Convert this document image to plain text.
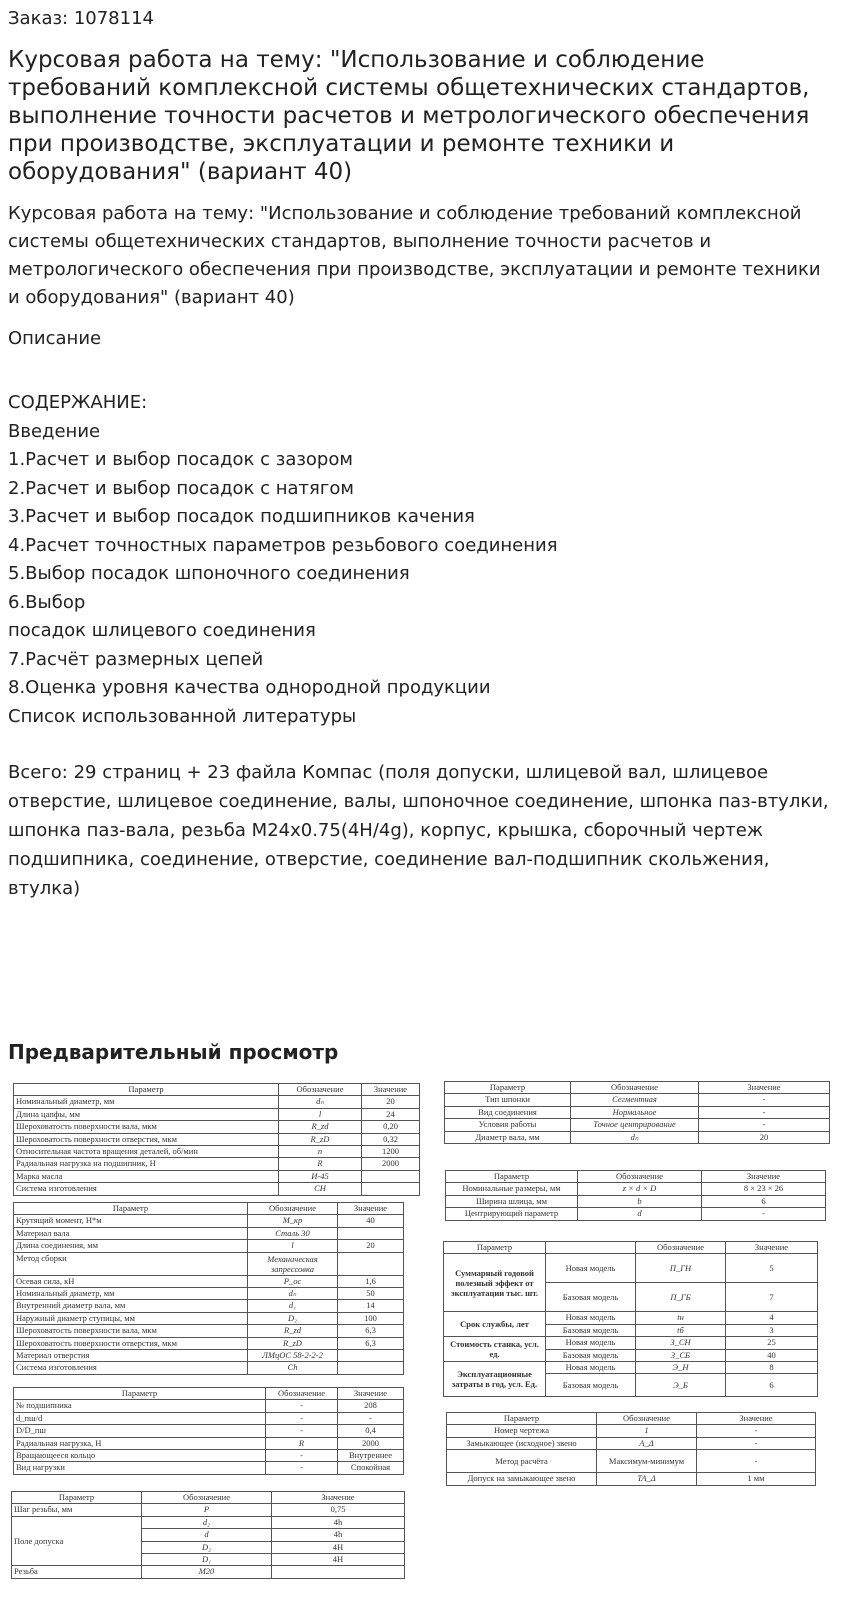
Заказ: 1078114
Курсовая работа на тему: "Использование и соблюдение требований комплексной системы общетехнических стандартов, выполнение точности расчетов и метрологического обеспечения при производстве, эксплуатации и ремонте техники и оборудования" (вариант 40)
Курсовая работа на тему: "Использование и соблюдение требований комплексной системы общетехнических стандартов, выполнение точности расчетов и метрологического обеспечения при производстве, эксплуатации и ремонте техники и оборудования" (вариант 40)
Описание
СОДЕРЖАНИЕ:
Введение
1.Расчет и выбор посадок с зазором
2.Расчет и выбор посадок с натягом
3.Расчет и выбор посадок подшипников качения
4.Расчет точностных параметров резьбового соединения
5.Выбор посадок шпоночного соединения
6.Выбор
посадок шлицевого соединения
7.Расчёт размерных цепей
8.Оценка уровня качества однородной продукции
Список использованной литературы
Всего: 29 страниц + 23 файла Компас (поля допуски, шлицевой вал, шлицевое отверстие, шлицевое соединение, валы, шпоночное соединение, шпонка паз-втулки, шпонка паз-вала, резьба М24х0.75(4H/4g), корпус, крышка, сборочный чертеж подшипника, соединение, отверстие, соединение вал-подшипник скольжения, втулка)
Предварительный просмотр
Параметр	Обозначение	Значение
Номинальный диаметр, мм	dₙ	20
Длина цапфы, мм	l	24
Шероховатость поверхности вала, мкм	R_zd	0,20
Шероховатость поверхности отверстия, мкм	R_zD	0,32
Относительная частота вращения деталей, об/мин	n	1200
Радиальная нагрузка на подшипник, Н	R	2000
Марка масла	И-45	
Система изготовления	СН	
Параметр	Обозначение	Значение
Крутящий момент, Н*м	M_кр	40
Материал вала	Сталь 30	
Длина соединения, мм	l	20
Метод сборки	Механическая запрессовка	
Осевая сила, кН	P_ос	1,6
Номинальный диаметр, мм	dₙ	50
Внутренний диаметр вала, мм	d₁	14
Наружный диаметр ступицы, мм	D₂	100
Шероховатость поверхности вала, мкм	R_zd	6,3
Шероховатость поверхности отверстия, мкм	R_zD	6,3
Материал отверстия	ЛМцОС 58-2-2-2	
Система изготовления	Ch	
Параметр	Обозначение	Значение
№ подшипника	-	208
d_пш/d	-	-
D/D_пш	-	0,4
Радиальная нагрузка, Н	R	2000
Вращающееся кольцо	-	Внутреннее
Вид нагрузки	-	Спокойная
Параметр	Обозначение	Значение
Шаг резьбы, мм	P	0,75
Поле допуска	d₂	4h
	d	4h
	D₂	4H
	D₁	4H
Резьба	M20	
Параметр	Обозначение	Значение
Тип шпонки	Сегментная	-
Вид соединения	Нормальное	-
Условия работы	Точное центрирование	-
Диаметр вала, мм	dₙ	20
Параметр	Обозначение	Значение
Номинальные размеры, мм	z × d × D	8 × 23 × 26
Ширина шлица, мм	b	6
Центрирующий параметр	d	-
Параметр		Обозначение	Значение
Суммарный годовой полезный эффект от эксплуатации тыс. шт.	Новая модель	П_ГН	5
	Базовая модель	П_ГБ	7
Срок службы, лет	Новая модель	tн	4
	Базовая модель	tб	3
Стоимость станка, усл. ед.	Новая модель	З_СН	25
	Базовая модель	З_СБ	40
Эксплуатационные затраты в год, усл. Ед.	Новая модель	Э_Н	8
	Базовая модель	Э_Б	6
Параметр	Обозначение	Значение
Номер чертежа	1	-
Замыкающее (исходное) звено	A_Δ	-
Метод расчёта	Максимум-минимум	-
Допуск на замыкающее звено	TA_Δ	1 мм
